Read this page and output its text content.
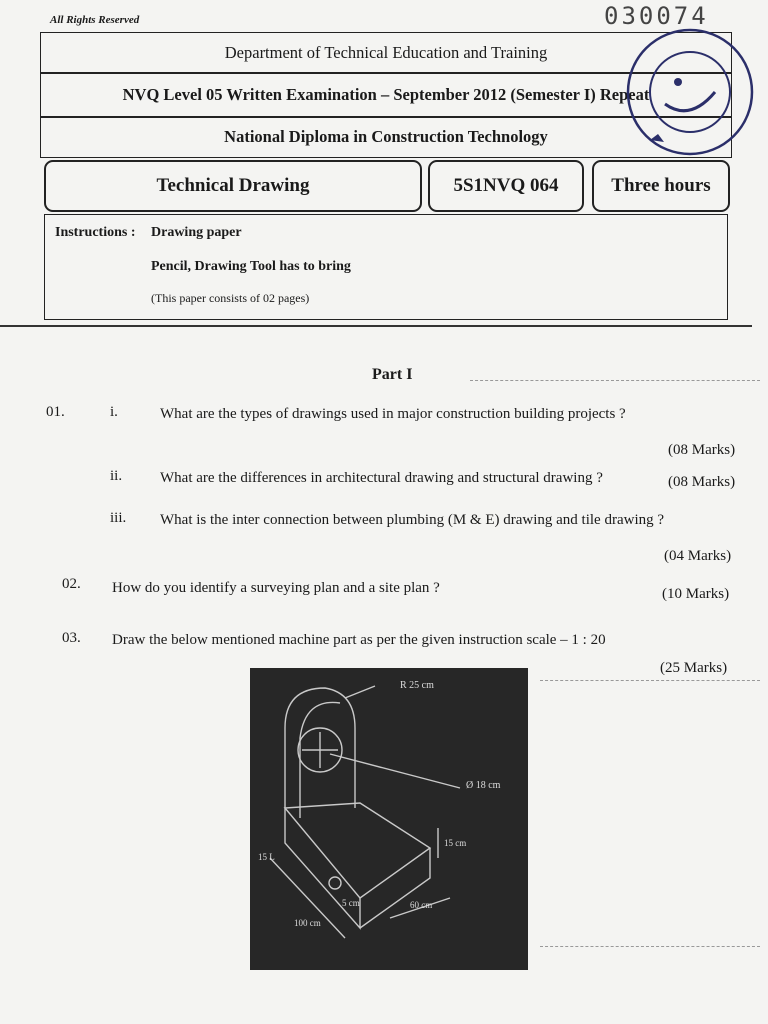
All Rights Reserved	030074
Department of Technical Education and Training
NVQ Level 05 Written Examination – September 2012 (Semester I) Repeat
National Diploma in Construction Technology
Technical Drawing	5S1NVQ 064	Three hours
Instructions : Drawing paper
Pencil, Drawing Tool has to bring
(This paper consists of 02 pages)
Part I
01.	i.	What are the types of drawings used in major construction building projects ?
(08 Marks)
ii.	What are the differences in architectural drawing and structural drawing ?	(08 Marks)
iii. What is the inter connection between plumbing (M & E) drawing and tile drawing ?
(04 Marks)
02. How do you identify a surveying plan and a site plan ?	(10 Marks)
03. Draw the below mentioned machine part as per the given instruction scale – 1 : 20
(25 Marks)
R 25 cm
Ø 18 cm
15 cm
5 cm	60 cm
100 cm
15 L
